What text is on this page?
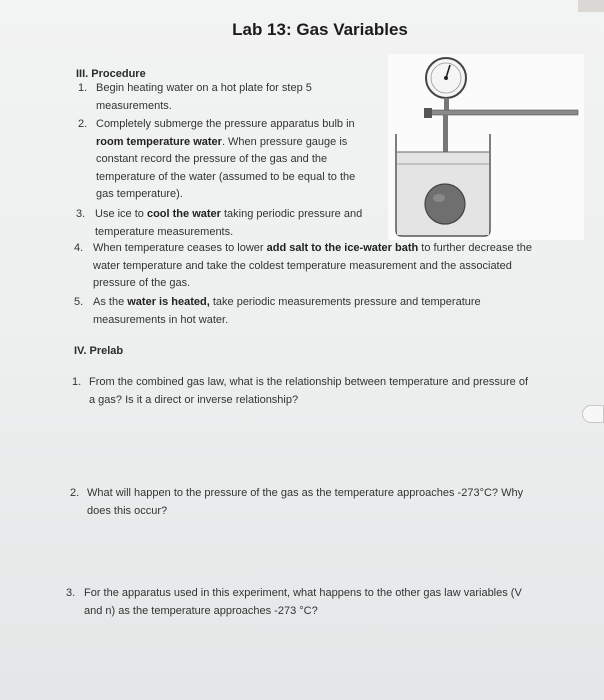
Lab 13: Gas Variables
III. Procedure
1. Begin heating water on a hot plate for step 5
measurements.
2. Completely submerge the pressure apparatus bulb in
room temperature water. When pressure gauge is
constant record the pressure of the gas and the
temperature of the water (assumed to be equal to the
gas temperature).
3. Use ice to cool the water taking periodic pressure and
temperature measurements.
4. When temperature ceases to lower add salt to the ice-water bath to further decrease the
water temperature and take the coldest temperature measurement and the associated
pressure of the gas.
5. As the water is heated, take periodic measurements pressure and temperature
measurements in hot water.
IV. Prelab
1. From the combined gas law, what is the relationship between temperature and pressure of
a gas? Is it a direct or inverse relationship?
2. What will happen to the pressure of the gas as the temperature approaches -273°C? Why
does this occur?
3. For the apparatus used in this experiment, what happens to the other gas law variables (V
and n) as the temperature approaches -273 °C?
